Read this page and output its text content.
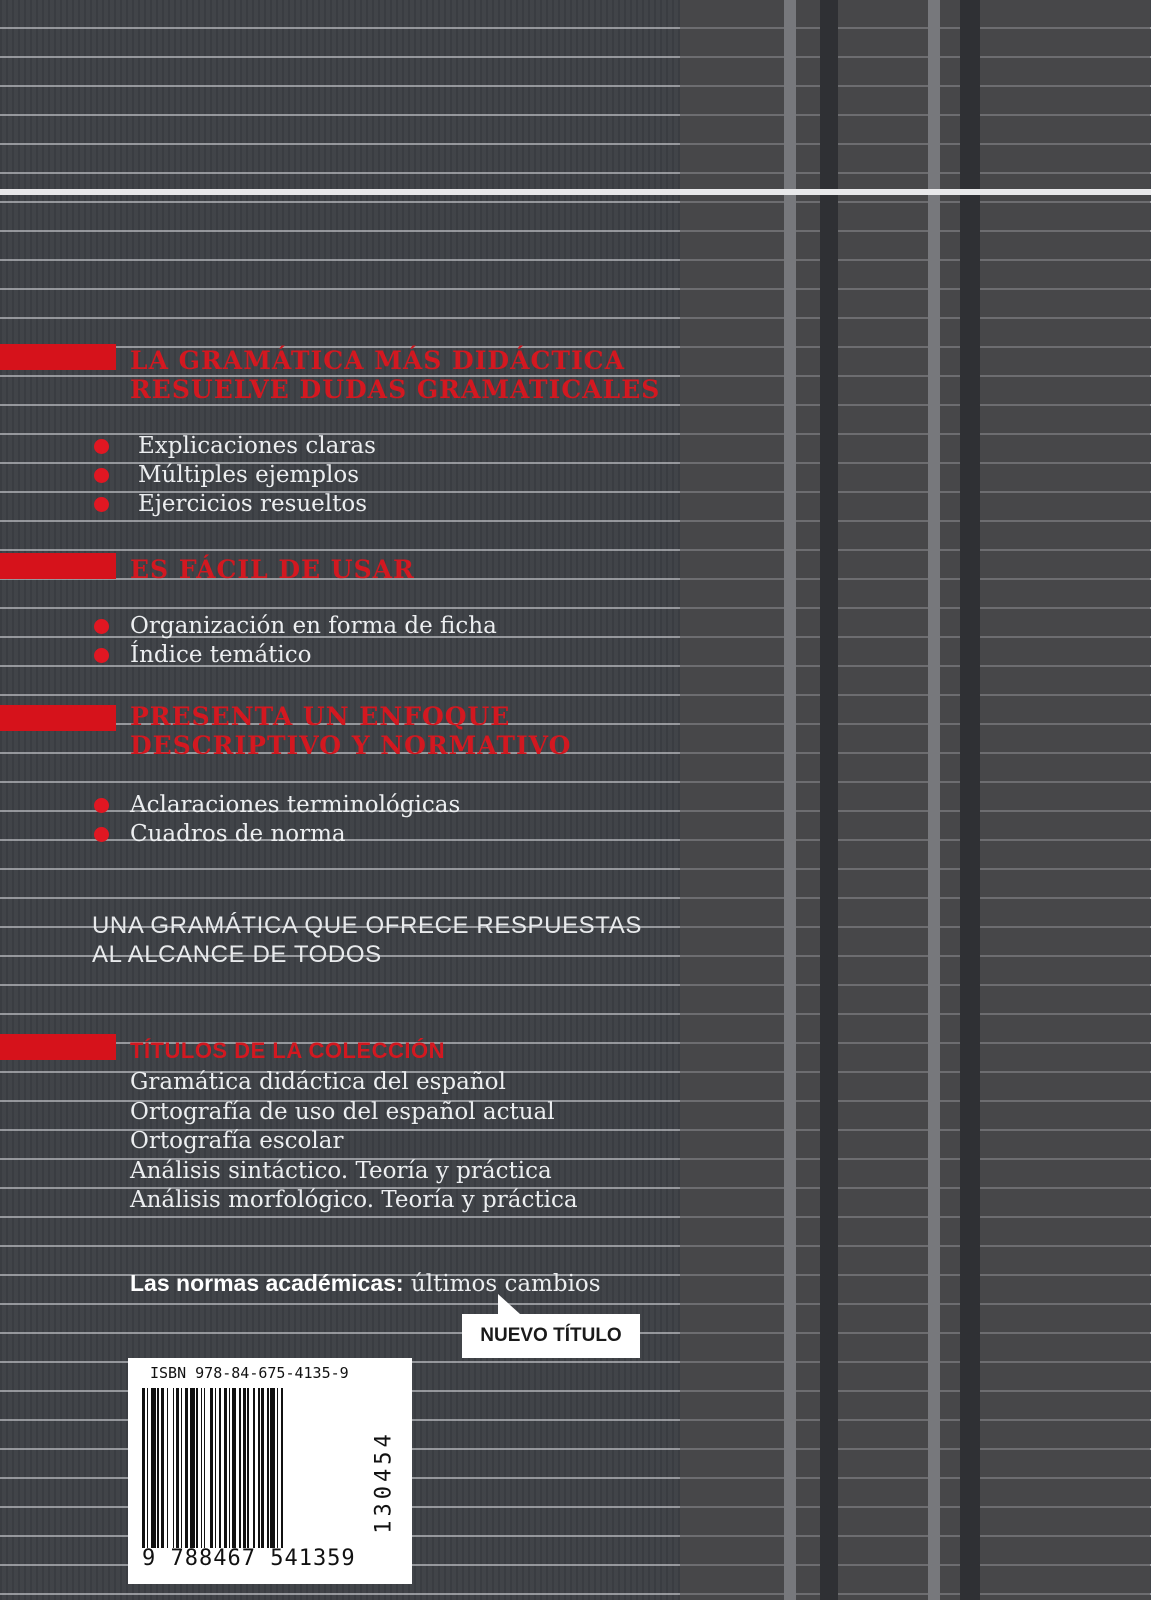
LA GRAMÁTICA MÁS DIDÁCTICA
RESUELVE DUDAS GRAMATICALES
Explicaciones claras
Múltiples ejemplos
Ejercicios resueltos
ES FÁCIL DE USAR
Organización en forma de ficha
Índice temático
PRESENTA UN ENFOQUE
DESCRIPTIVO Y NORMATIVO
Aclaraciones terminológicas
Cuadros de norma

UNA GRAMÁTICA QUE OFRECE RESPUESTAS
AL ALCANCE DE TODOS

TÍTULOS DE LA COLECCIÓN
Gramática didáctica del español
Ortografía de uso del español actual
Ortografía escolar
Análisis sintáctico. Teoría y práctica
Análisis morfológico. Teoría y práctica
Las normas académicas: últimos cambios
NUEVO TÍTULO
ISBN 978-84-675-4135-9
9 788467 541359
130454
